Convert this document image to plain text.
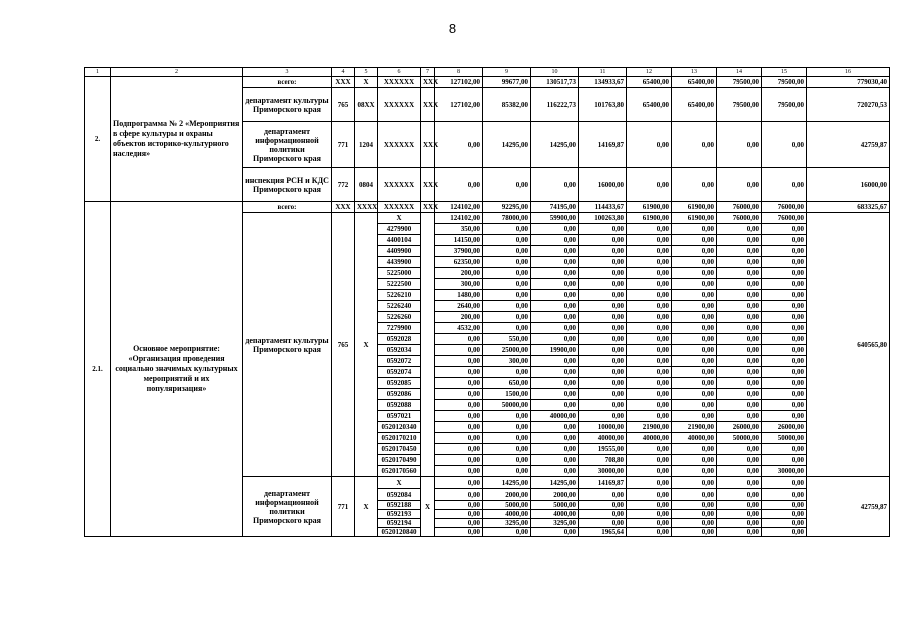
8
1	2	3	4	5	6	7	8	9	10	11	12	13	14	15	16
2.	Подпрограмма № 2 «Мероприятия в сфере культуры и охраны объектов историко-культурного наследия»	всего:	XXX	X	XXXXXX	XXX	127102,00	99677,00	130517,73	134933,67	65400,00	65400,00	79500,00	79500,00	779030,40
		департамент культуры Приморского края	765	08XX	XXXXXX	XXX	127102,00	85382,00	116222,73	101763,80	65400,00	65400,00	79500,00	79500,00	720270,53
		департамент информационной политики Приморского края	771	1204	XXXXXX	XXX	0,00	14295,00	14295,00	14169,87	0,00	0,00	0,00	0,00	42759,87
		инспекция РСН и КДС Приморского края	772	0804	XXXXXX	XXX	0,00	0,00	0,00	16000,00	0,00	0,00	0,00	0,00	16000,00
2.1.	Основное мероприятие: «Организация проведения социально значимых культурных мероприятий и их популяризация»	всего:	XXX	XXXX	XXXXXX	XXX	124102,00	92295,00	74195,00	114433,67	61900,00	61900,00	76000,00	76000,00	683325,67
		департамент культуры Приморского края	765	X	X		124102,00	78000,00	59900,00	100263,80	61900,00	61900,00	76000,00	76000,00	640565,80
					4279900		350,00	0,00	0,00	0,00	0,00	0,00	0,00	0,00	
					4400104		14150,00	0,00	0,00	0,00	0,00	0,00	0,00	0,00	
					4409900		37900,00	0,00	0,00	0,00	0,00	0,00	0,00	0,00	
					4439900		62350,00	0,00	0,00	0,00	0,00	0,00	0,00	0,00	
					5225000		200,00	0,00	0,00	0,00	0,00	0,00	0,00	0,00	
					5222500		300,00	0,00	0,00	0,00	0,00	0,00	0,00	0,00	
					5226210		1480,00	0,00	0,00	0,00	0,00	0,00	0,00	0,00	
					5226240		2640,00	0,00	0,00	0,00	0,00	0,00	0,00	0,00	
					5226260		200,00	0,00	0,00	0,00	0,00	0,00	0,00	0,00	
					7279900		4532,00	0,00	0,00	0,00	0,00	0,00	0,00	0,00	
					0592028		0,00	550,00	0,00	0,00	0,00	0,00	0,00	0,00	
					0592034		0,00	25000,00	19900,00	0,00	0,00	0,00	0,00	0,00	
					0592072		0,00	300,00	0,00	0,00	0,00	0,00	0,00	0,00	
					0592074		0,00	0,00	0,00	0,00	0,00	0,00	0,00	0,00	
					0592085		0,00	650,00	0,00	0,00	0,00	0,00	0,00	0,00	
					0592086		0,00	1500,00	0,00	0,00	0,00	0,00	0,00	0,00	
					0592088		0,00	50000,00	0,00	0,00	0,00	0,00	0,00	0,00	
					0597021		0,00	0,00	40000,00	0,00	0,00	0,00	0,00	0,00	
					0520120340		0,00	0,00	0,00	10000,00	21900,00	21900,00	26000,00	26000,00	
					0520170210		0,00	0,00	0,00	40000,00	40000,00	40000,00	50000,00	50000,00	
					0520170450		0,00	0,00	0,00	19555,00	0,00	0,00	0,00	0,00	
					0520170490		0,00	0,00	0,00	708,80	0,00	0,00	0,00	0,00	
					0520170560		0,00	0,00	0,00	30000,00	0,00	0,00	0,00	30000,00	
		департамент информационной политики Приморского края	771	X	X	X	0,00	14295,00	14295,00	14169,87	0,00	0,00	0,00	0,00	42759,87
					0592084		0,00	2000,00	2000,00	0,00	0,00	0,00	0,00	0,00	
					0592188		0,00	5000,00	5000,00	0,00	0,00	0,00	0,00	0,00	
					0592193		0,00	4000,00	4000,00	0,00	0,00	0,00	0,00	0,00	
					0592194		0,00	3295,00	3295,00	0,00	0,00	0,00	0,00	0,00	
					0520120840		0,00	0,00	0,00	1965,64	0,00	0,00	0,00	0,00	
